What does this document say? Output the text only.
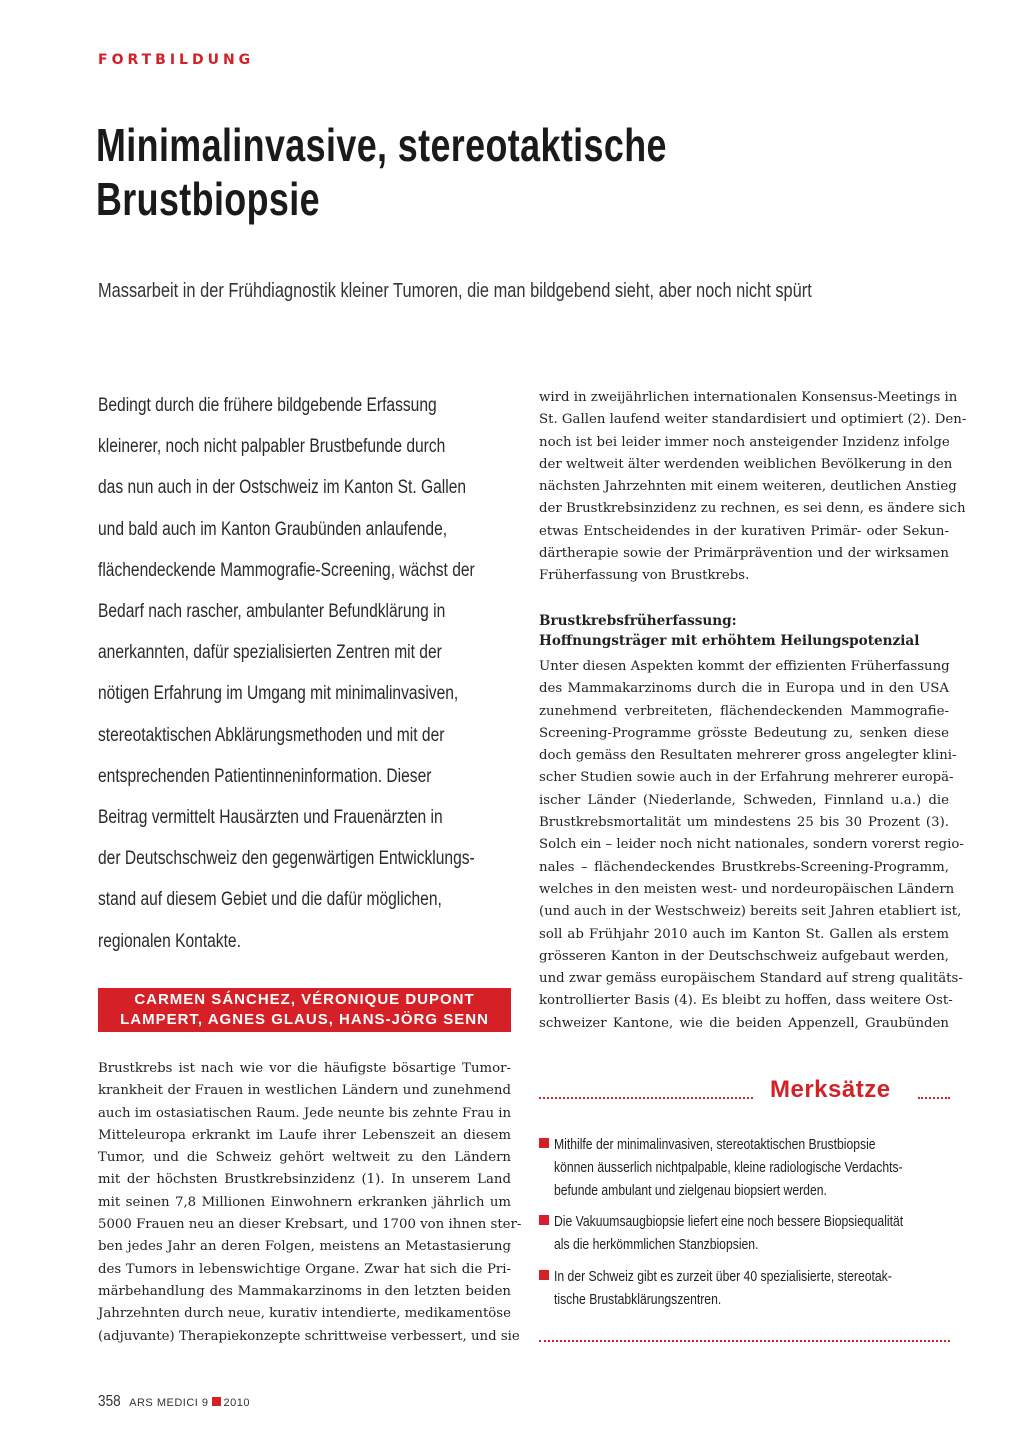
FORTBILDUNG
Minimalinvasive, stereotaktische
Brustbiopsie
Massarbeit in der Frühdiagnostik kleiner Tumoren, die man bildgebend sieht, aber noch nicht spürt
Bedingt durch die frühere bildgebende Erfassung
kleinerer, noch nicht palpabler Brustbefunde durch
das nun auch in der Ostschweiz im Kanton St. Gallen
und bald auch im Kanton Graubünden anlaufende,
flächendeckende Mammografie-Screening, wächst der
Bedarf nach rascher, ambulanter Befundklärung in
anerkannten, dafür spezialisierten Zentren mit der
nötigen Erfahrung im Umgang mit minimalinvasiven,
stereotaktischen Abklärungsmethoden und mit der
entsprechenden Patientinneninformation. Dieser
Beitrag vermittelt Hausärzten und Frauenärzten in
der Deutschschweiz den gegenwärtigen Entwicklungs-
stand auf diesem Gebiet und die dafür möglichen,
regionalen Kontakte.
CARMEN SÁNCHEZ, VÉRONIQUE DUPONT
LAMPERT, AGNES GLAUS, HANS-JÖRG SENN
Brustkrebs ist nach wie vor die häufigste bösartige Tumor-
krankheit der Frauen in westlichen Ländern und zunehmend
auch im ostasiatischen Raum. Jede neunte bis zehnte Frau in
Mitteleuropa erkrankt im Laufe ihrer Lebenszeit an diesem
Tumor, und die Schweiz gehört weltweit zu den Ländern
mit der höchsten Brustkrebsinzidenz (1). In unserem Land
mit seinen 7,8 Millionen Einwohnern erkranken jährlich um
5000 Frauen neu an dieser Krebsart, und 1700 von ihnen ster-
ben jedes Jahr an deren Folgen, meistens an Metastasierung
des Tumors in lebenswichtige Organe. Zwar hat sich die Pri-
märbehandlung des Mammakarzinoms in den letzten beiden
Jahrzehnten durch neue, kurativ intendierte, medikamentöse
(adjuvante) Therapiekonzepte schrittweise verbessert, und sie
wird in zweijährlichen internationalen Konsensus-Meetings in
St. Gallen laufend weiter standardisiert und optimiert (2). Den-
noch ist bei leider immer noch ansteigender Inzidenz infolge
der weltweit älter werdenden weiblichen Bevölkerung in den
nächsten Jahrzehnten mit einem weiteren, deutlichen Anstieg
der Brustkrebsinzidenz zu rechnen, es sei denn, es ändere sich
etwas Entscheidendes in der kurativen Primär- oder Sekun-
därtherapie sowie der Primärprävention und der wirksamen
Früherfassung von Brustkrebs.
Brustkrebsfrüherfassung:
Hoffnungsträger mit erhöhtem Heilungspotenzial
Unter diesen Aspekten kommt der effizienten Früherfassung
des Mammakarzinoms durch die in Europa und in den USA
zunehmend verbreiteten, flächendeckenden Mammografie-
Screening-Programme grösste Bedeutung zu, senken diese
doch gemäss den Resultaten mehrerer gross angelegter klini-
scher Studien sowie auch in der Erfahrung mehrerer europä-
ischer Länder (Niederlande, Schweden, Finnland u.a.) die
Brustkrebsmortalität um mindestens 25 bis 30 Prozent (3).
Solch ein – leider noch nicht nationales, sondern vorerst regio-
nales – flächendeckendes Brustkrebs-Screening-Programm,
welches in den meisten west- und nordeuropäischen Ländern
(und auch in der Westschweiz) bereits seit Jahren etabliert ist,
soll ab Frühjahr 2010 auch im Kanton St. Gallen als erstem
grösseren Kanton in der Deutschschweiz aufgebaut werden,
und zwar gemäss europäischem Standard auf streng qualitäts-
kontrollierter Basis (4). Es bleibt zu hoffen, dass weitere Ost-
schweizer Kantone, wie die beiden Appenzell, Graubünden
Merksätze
Mithilfe der minimalinvasiven, stereotaktischen Brustbiopsie
können äusserlich nichtpalpable, kleine radiologische Verdachts-
befunde ambulant und zielgenau biopsiert werden.
Die Vakuumsaugbiopsie liefert eine noch bessere Biopsiequalität
als die herkömmlichen Stanzbiopsien.
In der Schweiz gibt es zurzeit über 40 spezialisierte, stereotak-
tische Brustabklärungszentren.
358 ARS MEDICI 9 2010
